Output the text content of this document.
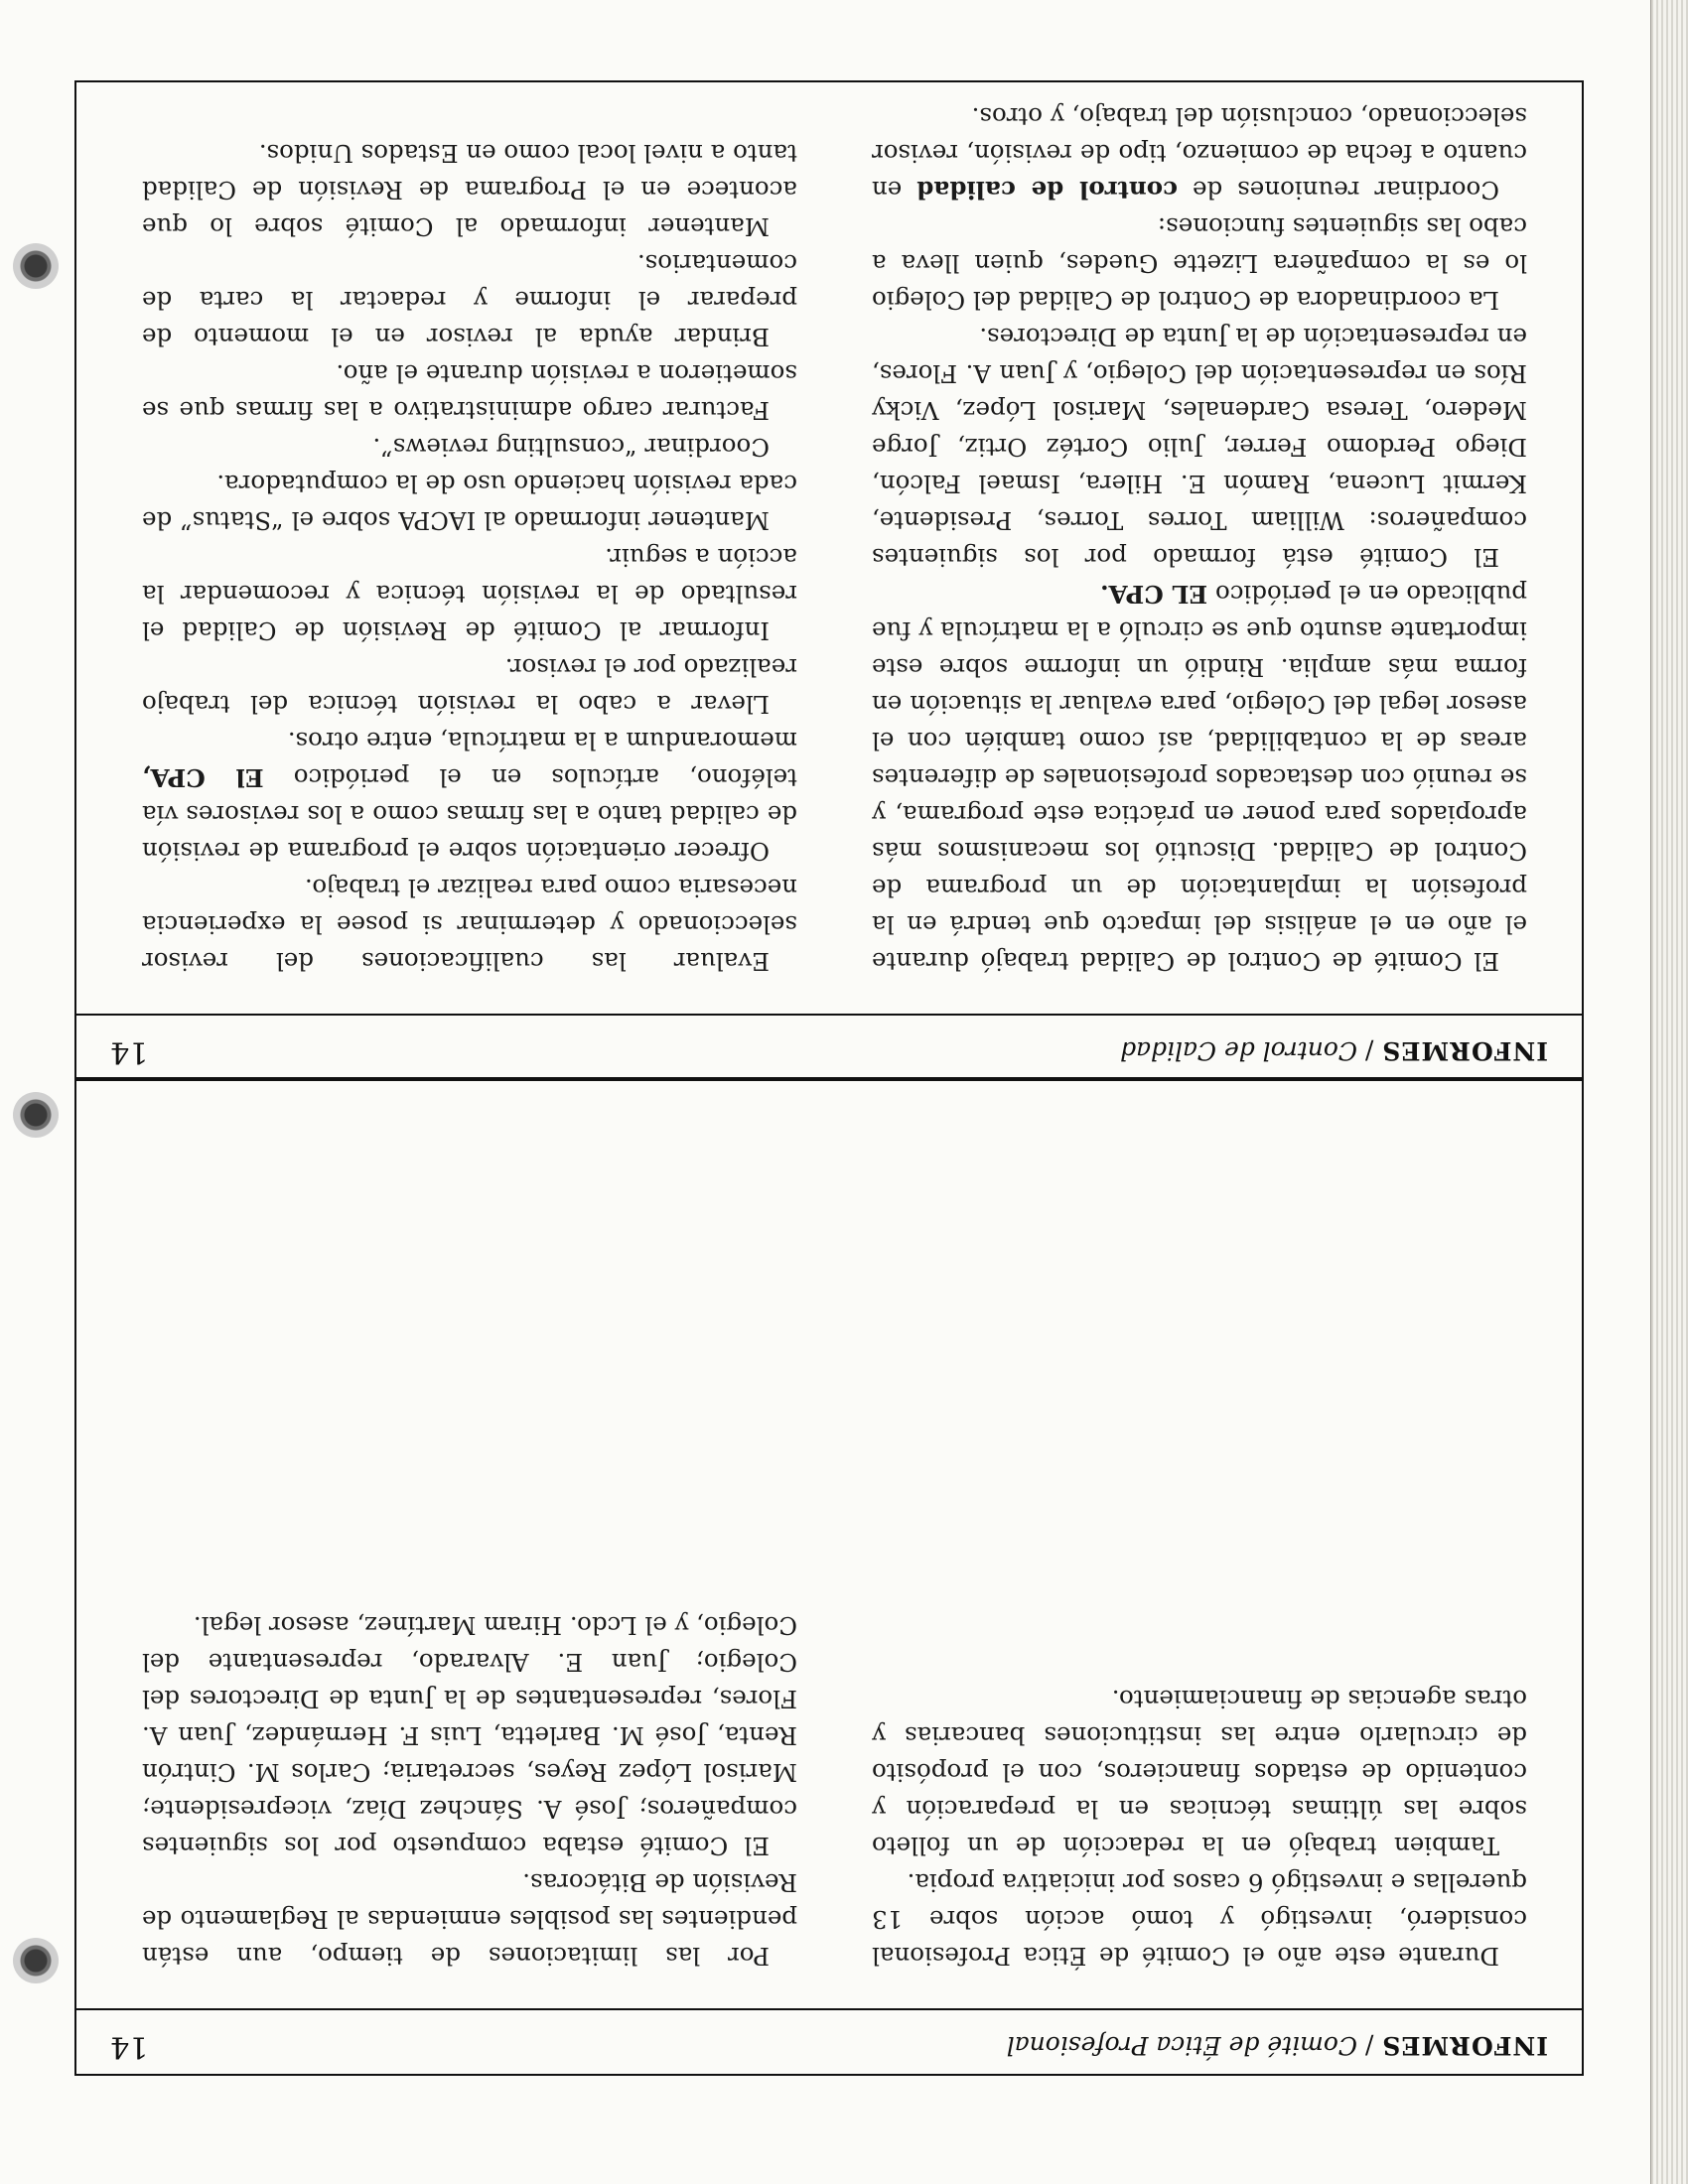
INFORMES / Comité de Ética Profesional
14

Durante este año el Comité de Ética Profesional consideró, investigó y tomó acción sobre 13 querellas e investigó 6 casos por iniciativa propia.

Tambien trabajó en la redacción de un folleto sobre las últimas técnicas en la preparación y contenido de estados financieros, con el propósito de circularlo entre las instituciones bancarias y otras agencias de financiamiento.

Por las limitaciones de tiempo, aun están pendientes las posibles enmiendas al Reglamento de Revisión de Bitácoras.

El Comité estaba compuesto por los siguientes compañeros; José A. Sánchez Díaz, vicepresidente; Marisol López Reyes, secretaria; Carlos M. Cintrón Renta, José M. Barletta, Luis F. Hernández, Juan A. Flores, representantes de la Junta de Directores del Colegio; Juan E. Alvarado, representante del Colegio, y el Lcdo. Hiram Martínez, asesor legal.

INFORMES / Control de Calidad
14

El Comité de Control de Calidad trabajó durante el año en el análisis del impacto que tendrá en la profesión la implantación de un programa de Control de Calidad. Discutió los mecanismos más apropiados para poner en práctica este programa, y se reunió con destacados profesionales de diferentes areas de la contabilidad, así como también con el asesor legal del Colegio, para evaluar la situación en forma más amplia. Rindió un informe sobre este importante asunto que se circuló a la matrícula y fue publicado en el periódico EL CPA.

El Comité está formado por los siguientes compañeros: William Torres Torres, Presidente, Kermit Lucena, Ramón E. Hilera, Ismael Falcón, Diego Perdomo Ferrer, Julio Cortéz Ortiz, Jorge Medero, Teresa Cardenales, Marisol López, Vicky Ríos en representación del Colegio, y Juan A. Flores, en representación de la Junta de Directores.

La coordinadora de Control de Calidad del Colegio lo es la compañera Lizette Guedes, quien lleva a cabo las siguientes funciones:

Coordinar reuniones de control de calidad en cuanto a fecha de comienzo, tipo de revisión, revisor seleccionado, conclusión del trabajo, y otros.

Evaluar las cualificaciones del revisor seleccionado y determinar si posee la experiencia necesaria como para realizar el trabajo.

Ofrecer orientación sobre el programa de revisión de calidad tanto a las firmas como a los revisores vía teléfono, artículos en el periódico El CPA, memorandum a la matrícula, entre otros.

Llevar a cabo la revisión técnica del trabajo realizado por el revisor.

Informar al Comité de Revisión de Calidad el resultado de la revisión técnica y recomendar la acción a seguir.

Mantener informado al IACPA sobre el “Status” de cada revisión haciendo uso de la computadora.

Coordinar “consulting reviews”.

Facturar cargo administrativo a las firmas que se sometieron a revisión durante el año.

Brindar ayuda al revisor en el momento de preparar el informe y redactar la carta de comentarios.

Mantener informado al Comité sobre lo que acontece en el Programa de Revisión de Calidad tanto a nivel local como en Estados Unidos.
